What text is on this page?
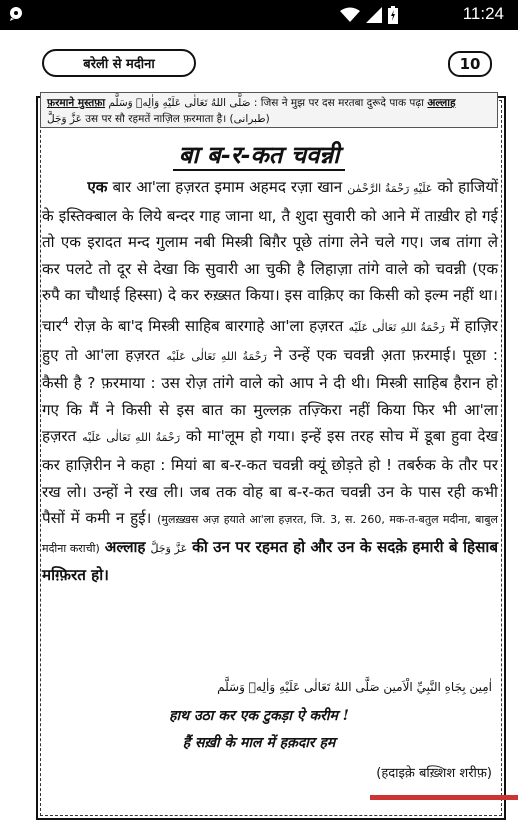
11:24
बरेली से मदीना	10
फ़रमाने मुस्तफ़ा صَلَّى اللهُ تَعَالٰی عَلَيْهِ وَاٰلِهٖ وَسَلَّم : जिस ने मुझ पर दस मरतबा दुरूदे पाक पढ़ा अल्लाह
عَزَّ وَجَلَّ उस पर सौ रहमतें नाज़िल फ़रमाता है। (طبرانی)
बा ब-र-कत चवन्नी

एक बार आ'ला हज़रत इमाम अहमद रज़ा खान عَلَيْهِ رَحْمَةُ الرَّحْمٰن को हाजियों के इस्तिक्बाल के लिये बन्दर गाह जाना था, तै शुदा सुवारी को आने में ताख़ीर हो गई तो एक इरादत मन्द गुलाम नबी मिस्त्री बिग़ैर पूछे तांगा लेने चले गए। जब तांगा ले कर पलटे तो दूर से देखा कि सुवारी आ चुकी है लिहाज़ा तांगे वाले को चवन्नी (एक रुपै का चौथाई हिस्सा) दे कर रुख़्सत किया। इस वाक़िए का किसी को इल्म नहीं था। चार$^4$ रोज़ के बा'द मिस्त्री साहिब बारगाहे आ'ला हज़रत رَحْمَةُ اللهِ تَعَالٰی عَلَيْه में हाज़िर हुए तो आ'ला हज़रत رَحْمَةُ اللهِ تَعَالٰی عَلَيْه ने उन्हें एक चवन्नी अ़ता फ़रमाई। पूछा : कैसी है ? फ़रमाया : उस रोज़ तांगे वाले को आप ने दी थी। मिस्त्री साहिब हैरान हो गए कि मैं ने किसी से इस बात का मुल्लक़ तज़्किरा नहीं किया फिर भी आ'ला हज़रत رَحْمَةُ اللهِ تَعَالٰی عَلَيْه को मा'लूम हो गया। इन्हें इस तरह सोच में डूबा हुवा देख कर हाज़िरीन ने कहा : मियां बा ब-र-कत चवन्नी क्यूं छोड़ते हो ! तबर्रुक के तौर पर रख लो। उन्हों ने रख ली। जब तक वोह बा ब-र-कत चवन्नी उन के पास रही कभी पैसों में कमी न हुई। (मुलख़्ख़स अज़ हयाते आ'ला हज़रत, जि. 3, स. 260, मक-त-बतुल मदीना, बाबुल मदीना कराची) अल्लाह عَزَّ وَجَلَّ की उन पर रहमत हो और उन के सदक़े हमारी बे हिसाब मग़्फ़िरत हो।

اٰمِين بِجَاهِ النَّبِيِّ الْاَمين صَلَّى اللهُ تَعَالٰی عَلَيْهِ وَاٰلِهٖ وَسَلَّم
हाथ उठा कर एक टुकड़ा ऐ करीम !
हैं सख़ी के माल में हक़दार हम
(हदाइक़े बख़्शिश शरीफ़)
